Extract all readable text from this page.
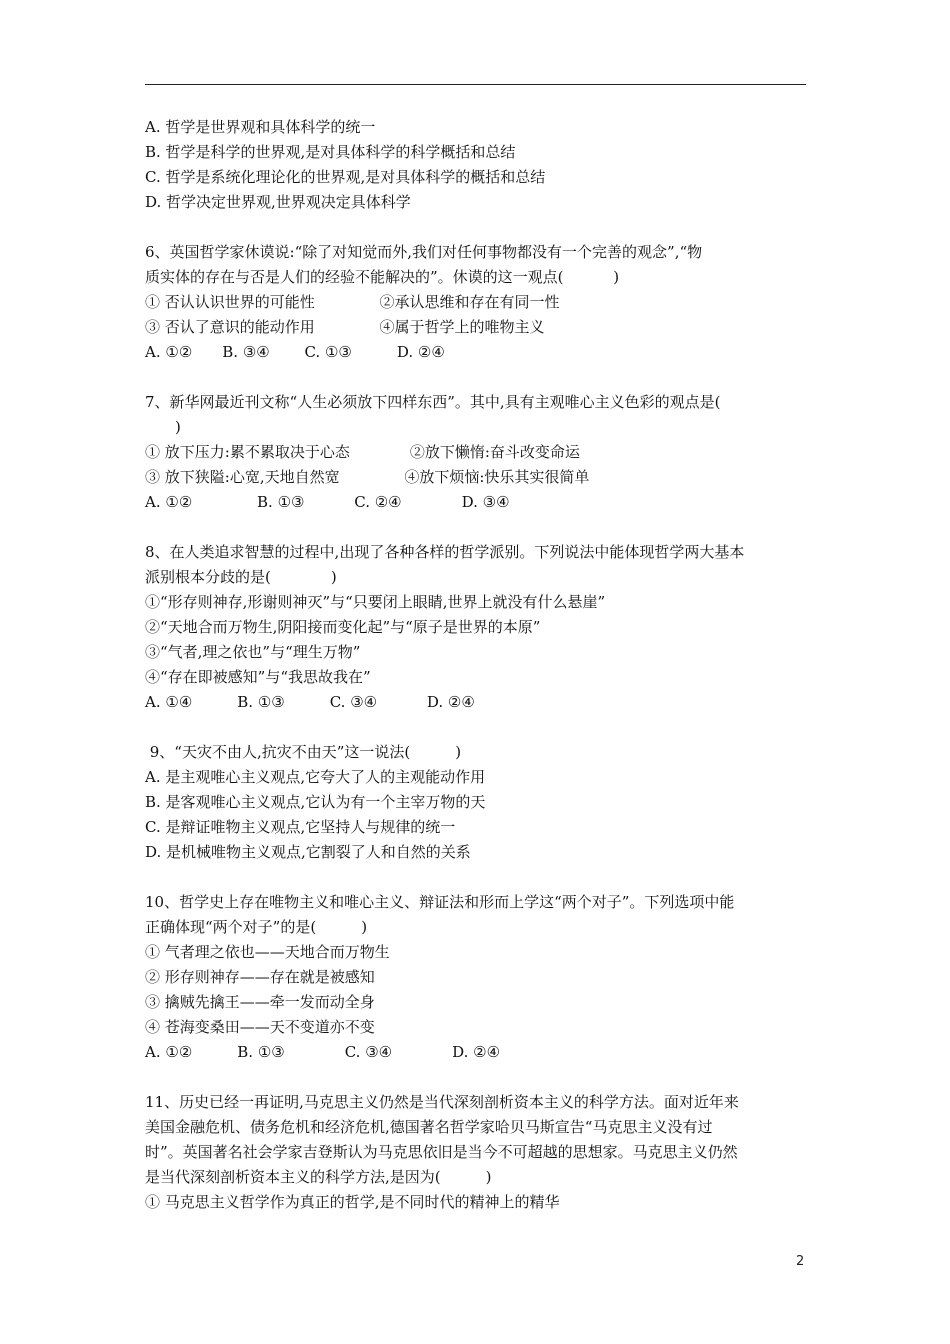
A. 哲学是世界观和具体科学的统一
B. 哲学是科学的世界观,是对具体科学的科学概括和总结
C. 哲学是系统化理论化的世界观,是对具体科学的概括和总结
D. 哲学决定世界观,世界观决定具体科学
6、英国哲学家休谟说:“除了对知觉而外,我们对任何事物都没有一个完善的观念”,“物
质实体的存在与否是人们的经验不能解决的”。休谟的这一观点(　　　 )
① 否认认识世界的可能性　　　　 ②承认思维和存在有同一性
③ 否认了意识的能动作用　　　　 ④属于哲学上的唯物主义
A. ①②　　B. ③④　　 C. ①③　　　D. ②④
7、新华网最近刊文称“人生必须放下四样东西”。其中,具有主观唯心主义色彩的观点是(
　　)
① 放下压力:累不累取决于心态　　　　②放下懒惰:奋斗改变命运
③ 放下狭隘:心宽,天地自然宽　　　　 ④放下烦恼:快乐其实很简单
A. ①②　　　　 B. ①③　　　 C. ②④　　　　D. ③④
8、在人类追求智慧的过程中,出现了各种各样的哲学派别。下列说法中能体现哲学两大基本
派别根本分歧的是(　　　　)
①“形存则神存,形谢则神灭”与“只要闭上眼睛,世界上就没有什么悬崖”
②“天地合而万物生,阴阳接而变化起”与“原子是世界的本原”
③“气者,理之依也”与“理生万物”
④“存在即被感知”与“我思故我在”
A. ①④　　　B. ①③　　　C. ③④　　　 D. ②④
9、“天灾不由人,抗灾不由天”这一说法(　　　)
A. 是主观唯心主义观点,它夸大了人的主观能动作用
B. 是客观唯心主义观点,它认为有一个主宰万物的天
C. 是辩证唯物主义观点,它坚持人与规律的统一
D. 是机械唯物主义观点,它割裂了人和自然的关系
10、哲学史上存在唯物主义和唯心主义、辩证法和形而上学这“两个对子”。下列选项中能
正确体现“两个对子”的是(　　　)
① 气者理之依也——天地合而万物生
② 形存则神存——存在就是被感知
③ 擒贼先擒王——牵一发而动全身
④ 苍海变桑田——天不变道亦不变
A. ①②　　　B. ①③　　　　C. ③④　　　　D. ②④
11、历史已经一再证明,马克思主义仍然是当代深刻剖析资本主义的科学方法。面对近年来
美国金融危机、债务危机和经济危机,德国著名哲学家哈贝马斯宣告“马克思主义没有过
时”。英国著名社会学家吉登斯认为马克思依旧是当今不可超越的思想家。马克思主义仍然
是当代深刻剖析资本主义的科学方法,是因为(　　　)
① 马克思主义哲学作为真正的哲学,是不同时代的精神上的精华
2
